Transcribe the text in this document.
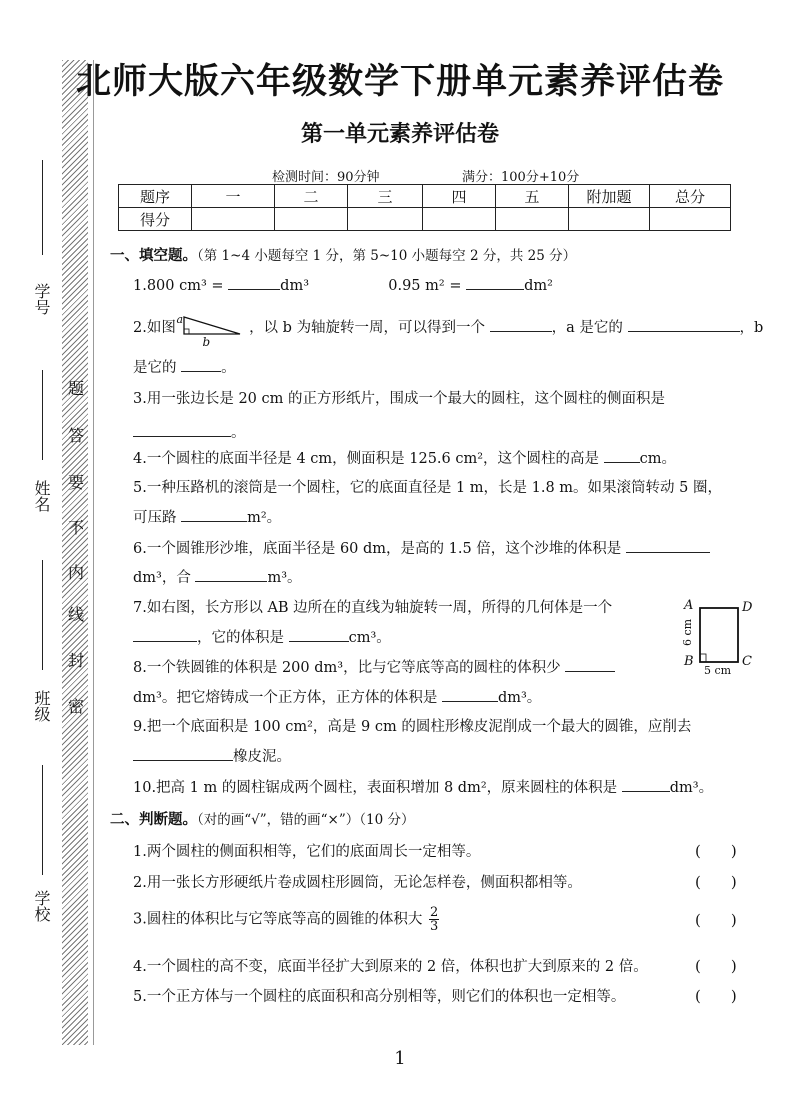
学号
姓名
班级
学校
密
封
线
内
不
要
答
题
北师大版六年级数学下册单元素养评估卷
第一单元素养评估卷
检测时间：90分钟	满分：100分+10分
题序	一	二	三	四	五	附加题	总分
得分							
一、填空题。（第 1~4 小题每空 1 分，第 5~10 小题每空 2 分，共 25 分）
1.800 cm³ =	dm³	0.95 m² =	dm²
2.如图
a
b
，以 b 为轴旋转一周，可以得到一个	，a 是它的	，b
是它的	。
3.用一张边长是 20 cm 的正方形纸片，围成一个最大的圆柱，这个圆柱的侧面积是
。
4.一个圆柱的底面半径是 4 cm，侧面积是 125.6 cm²，这个圆柱的高是	cm。
5.一种压路机的滚筒是一个圆柱，它的底面直径是 1 m，长是 1.8 m。如果滚筒转动 5 圈，
可压路	m²。
6.一个圆锥形沙堆，底面半径是 60 dm，是高的 1.5 倍，这个沙堆的体积是
dm³，合	m³。
7.如右图，长方形以 AB 边所在的直线为轴旋转一周，所得的几何体是一个
，它的体积是	cm³。
A	D
B	C
6 cm
5 cm
8.一个铁圆锥的体积是 200 dm³，比与它等底等高的圆柱的体积少
dm³。把它熔铸成一个正方体，正方体的体积是	dm³。
9.把一个底面积是 100 cm²，高是 9 cm 的圆柱形橡皮泥削成一个最大的圆锥，应削去
橡皮泥。
10.把高 1 m 的圆柱锯成两个圆柱，表面积增加 8 dm²，原来圆柱的体积是	dm³。
二、判断题。（对的画“√”，错的画“×”）（10 分）
1.两个圆柱的侧面积相等，它们的底面周长一定相等。	(　　)
2.用一张长方形硬纸片卷成圆柱形圆筒，无论怎样卷，侧面积都相等。	(　　)
3.圆柱的体积比与它等底等高的圆锥的体积大 $\frac{2}{3}$	(　　)
4.一个圆柱的高不变，底面半径扩大到原来的 2 倍，体积也扩大到原来的 2 倍。	(　　)
5.一个正方体与一个圆柱的底面积和高分别相等，则它们的体积也一定相等。	(　　)
1
